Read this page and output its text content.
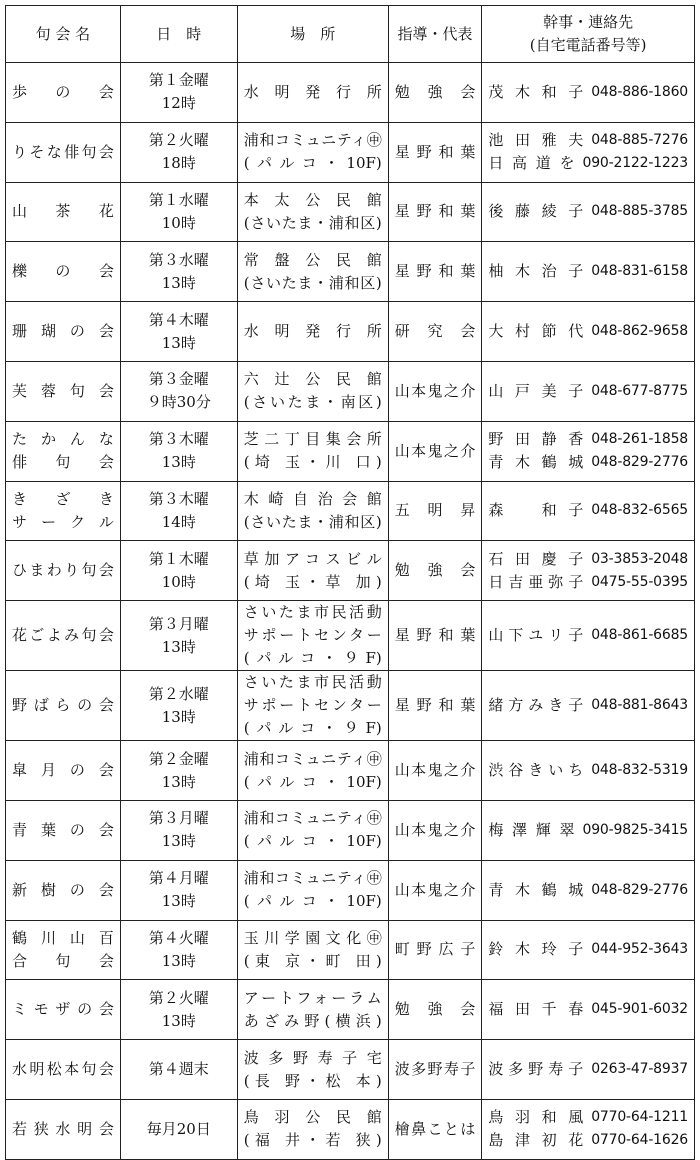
句 会 名	日　時	場　所	指導・代表	幹事・連絡先
(自宅電話番号等)

歩　の　会	第１金曜
12時	水 明 発 行 所	勉　強　会	茂木和子 048-886-1860

りそな俳句会	第２火曜
18時	浦和コミュニティ㊥
(パルコ・10F)	星野和葉	池田雅夫 048-885-7276
日高道を 090-2122-1223

山　茶　花	第１水曜
10時	本 太 公 民 館
(さいたま・浦和区)	星野和葉	後藤綾子 048-885-3785

櫟　の　会	第３水曜
13時	常 盤 公 民 館
(さいたま・浦和区)	星野和葉	柚木治子 048-831-6158

珊 瑚 の 会	第４木曜
13時	水 明 発 行 所	研　究　会	大村節代 048-862-9658

芙 蓉 句 会	第３金曜
９時30分	六 辻 公 民 館
(さいたま・南区)	山本鬼之介	山戸美子 048-677-8775

たかんな
俳　句　会	第３木曜
13時	芝二丁目集会所
(埼 玉・川 口)	山本鬼之介	野田静香 048-261-1858
青木鶴城 048-829-2776

き ざ き
サークル	第３木曜
14時	木崎自治会館
(さいたま・浦和区)	五　明　昇	森　和子 048-832-6565

ひまわり句会	第１木曜
10時	草加アコスビル
(埼 玉・草 加)	勉　強　会	石田慶子 03-3853-2048
日吉亜弥子 0475-55-0395

花ごよみ句会	第３月曜
13時	さいたま市民活動
サポートセンター
(パルコ・９F)	星野和葉	山下ユリ子 048-861-6685

野ばらの会	第２水曜
13時	さいたま市民活動
サポートセンター
(パルコ・９F)	星野和葉	緒方みき子 048-881-8643

皐 月 の 会	第２金曜
13時	浦和コミュニティ㊥
(パルコ・10F)	山本鬼之介	渋谷きいち 048-832-5319

青 葉 の 会	第３月曜
13時	浦和コミュニティ㊥
(パルコ・10F)	山本鬼之介	梅澤輝翠 090-9825-3415

新 樹 の 会	第４月曜
13時	浦和コミュニティ㊥
(パルコ・10F)	山本鬼之介	青木鶴城 048-829-2776

鶴 川 山 百
合　句　会	第４火曜
13時	玉川学園文化㊥
(東 京・町 田)	町野広子	鈴木玲子 044-952-3643

ミモザの会	第２火曜
13時	アートフォーラム
あざみ野(横浜)	勉　強　会	福田千春 045-901-6032

水明松本句会	第４週末	波多野寿子宅
(長 野・松 本)	波多野寿子	波多野寿子 0263-47-8937

若狭水明会	毎月20日	鳥 羽 公 民 館
(福 井・若 狭)	檜鼻ことは	鳥羽和風 0770-64-1211
島津初花 0770-64-1626
